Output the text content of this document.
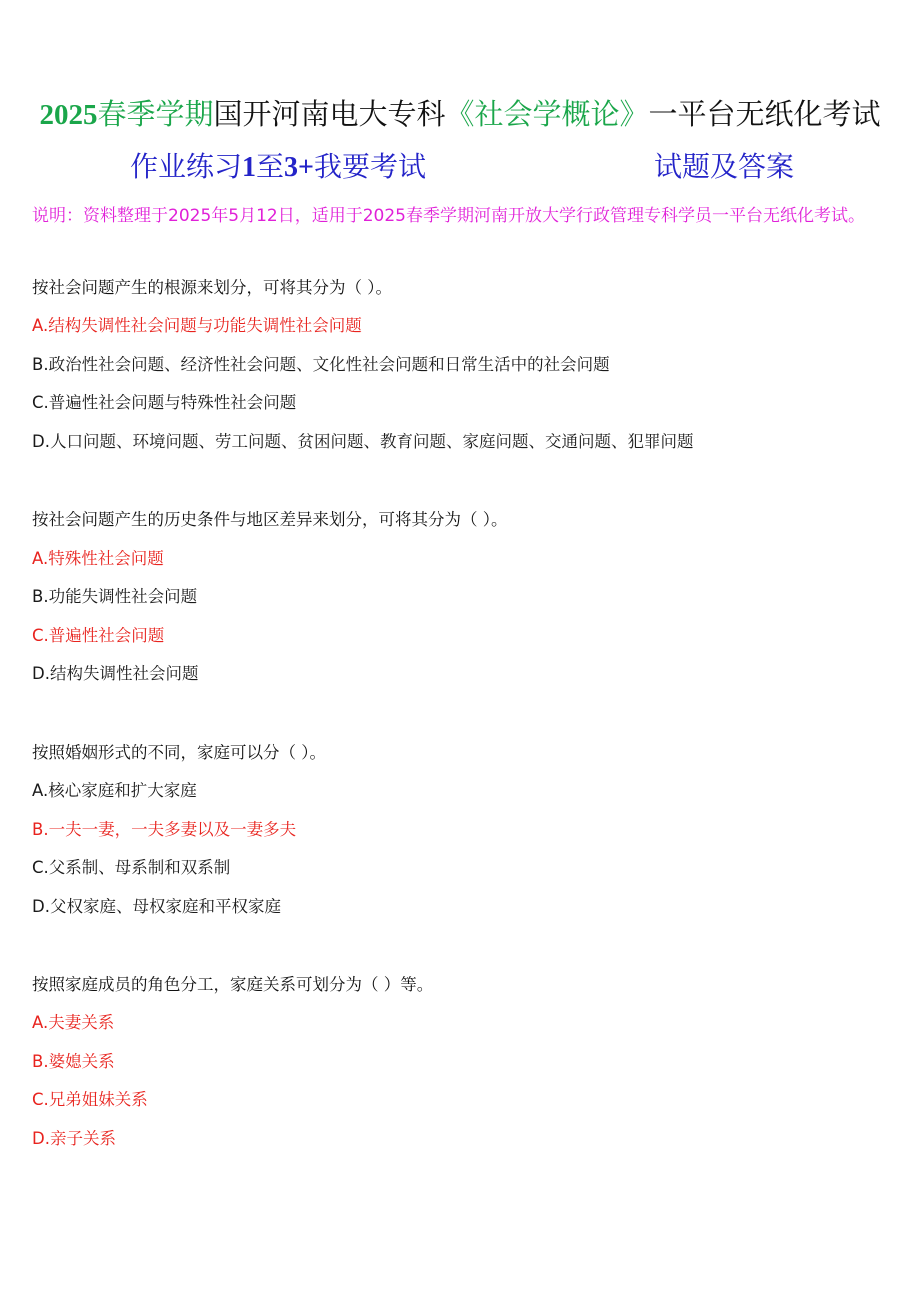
2025春季学期国开河南电大专科《社会学概论》一平台无纸化考试
作业练习1至3+我要考试	试题及答案
说明：资料整理于2025年5月12日，适用于2025春季学期河南开放大学行政管理专科学员一平台无纸化考试。
按社会问题产生的根源来划分，可将其分为（ ）。
A.结构失调性社会问题与功能失调性社会问题
B.政治性社会问题、经济性社会问题、文化性社会问题和日常生活中的社会问题
C.普遍性社会问题与特殊性社会问题
D.人口问题、环境问题、劳工问题、贫困问题、教育问题、家庭问题、交通问题、犯罪问题
按社会问题产生的历史条件与地区差异来划分，可将其分为（ ）。
A.特殊性社会问题
B.功能失调性社会问题
C.普遍性社会问题
D.结构失调性社会问题
按照婚姻形式的不同，家庭可以分（ ）。
A.核心家庭和扩大家庭
B.一夫一妻，一夫多妻以及一妻多夫
C.父系制、母系制和双系制
D.父权家庭、母权家庭和平权家庭
按照家庭成员的角色分工，家庭关系可划分为（ ）等。
A.夫妻关系
B.婆媳关系
C.兄弟姐妹关系
D.亲子关系
